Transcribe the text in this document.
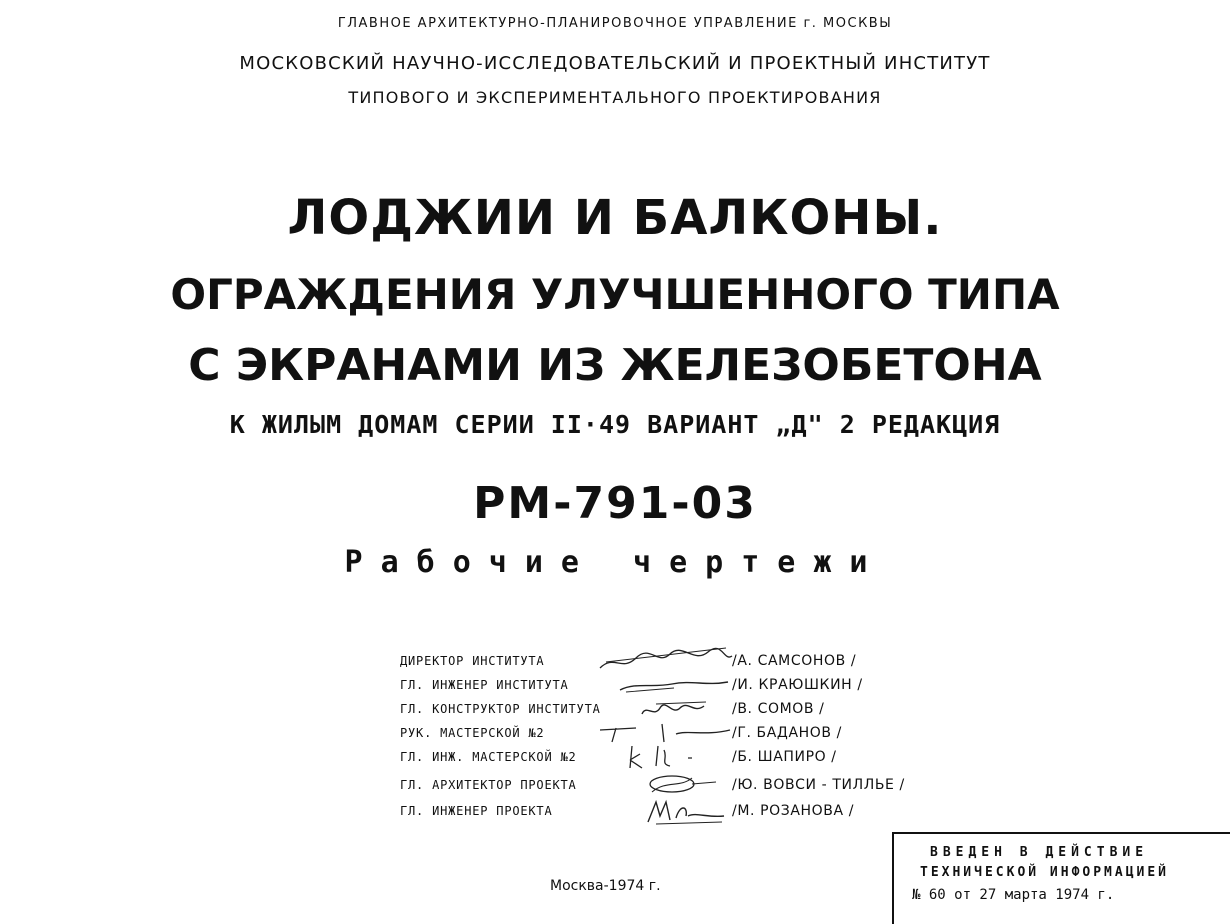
ГЛАВНОЕ АРХИТЕКТУРНО-ПЛАНИРОВОЧНОЕ УПРАВЛЕНИЕ г. МОСКВЫ
МОСКОВСКИЙ НАУЧНО-ИССЛЕДОВАТЕЛЬСКИЙ И ПРОЕКТНЫЙ ИНСТИТУТ
ТИПОВОГО И ЭКСПЕРИМЕНТАЛЬНОГО ПРОЕКТИРОВАНИЯ
ЛОДЖИИ И БАЛКОНЫ.
ОГРАЖДЕНИЯ УЛУЧШЕННОГО ТИПА
С ЭКРАНАМИ ИЗ ЖЕЛЕЗОБЕТОНА
К ЖИЛЫМ ДОМАМ СЕРИИ II·49 ВАРИАНТ „Д" 2 РЕДАКЦИЯ
РМ-791-03
Рабочие чертежи
ДИРЕКТОР ИНСТИТУТА	/А. САМСОНОВ /
ГЛ. ИНЖЕНЕР ИНСТИТУТА	/И. КРАЮШКИН /
ГЛ. КОНСТРУКТОР ИНСТИТУТА	/В. СОМОВ /
РУК. МАСТЕРСКОЙ №2	/Г. БАДАНОВ /
ГЛ. ИНЖ. МАСТЕРСКОЙ №2	/Б. ШАПИРО /
ГЛ. АРХИТЕКТОР ПРОЕКТА	/Ю. ВОВСИ - ТИЛЛЬЕ /
ГЛ. ИНЖЕНЕР ПРОЕКТА	/М. РОЗАНОВА /
Москва-1974 г.
ВВЕДЕН В ДЕЙСТВИЕ
ТЕХНИЧЕСКОЙ ИНФОРМАЦИЕЙ
№ 60 от 27 марта 1974 г.
